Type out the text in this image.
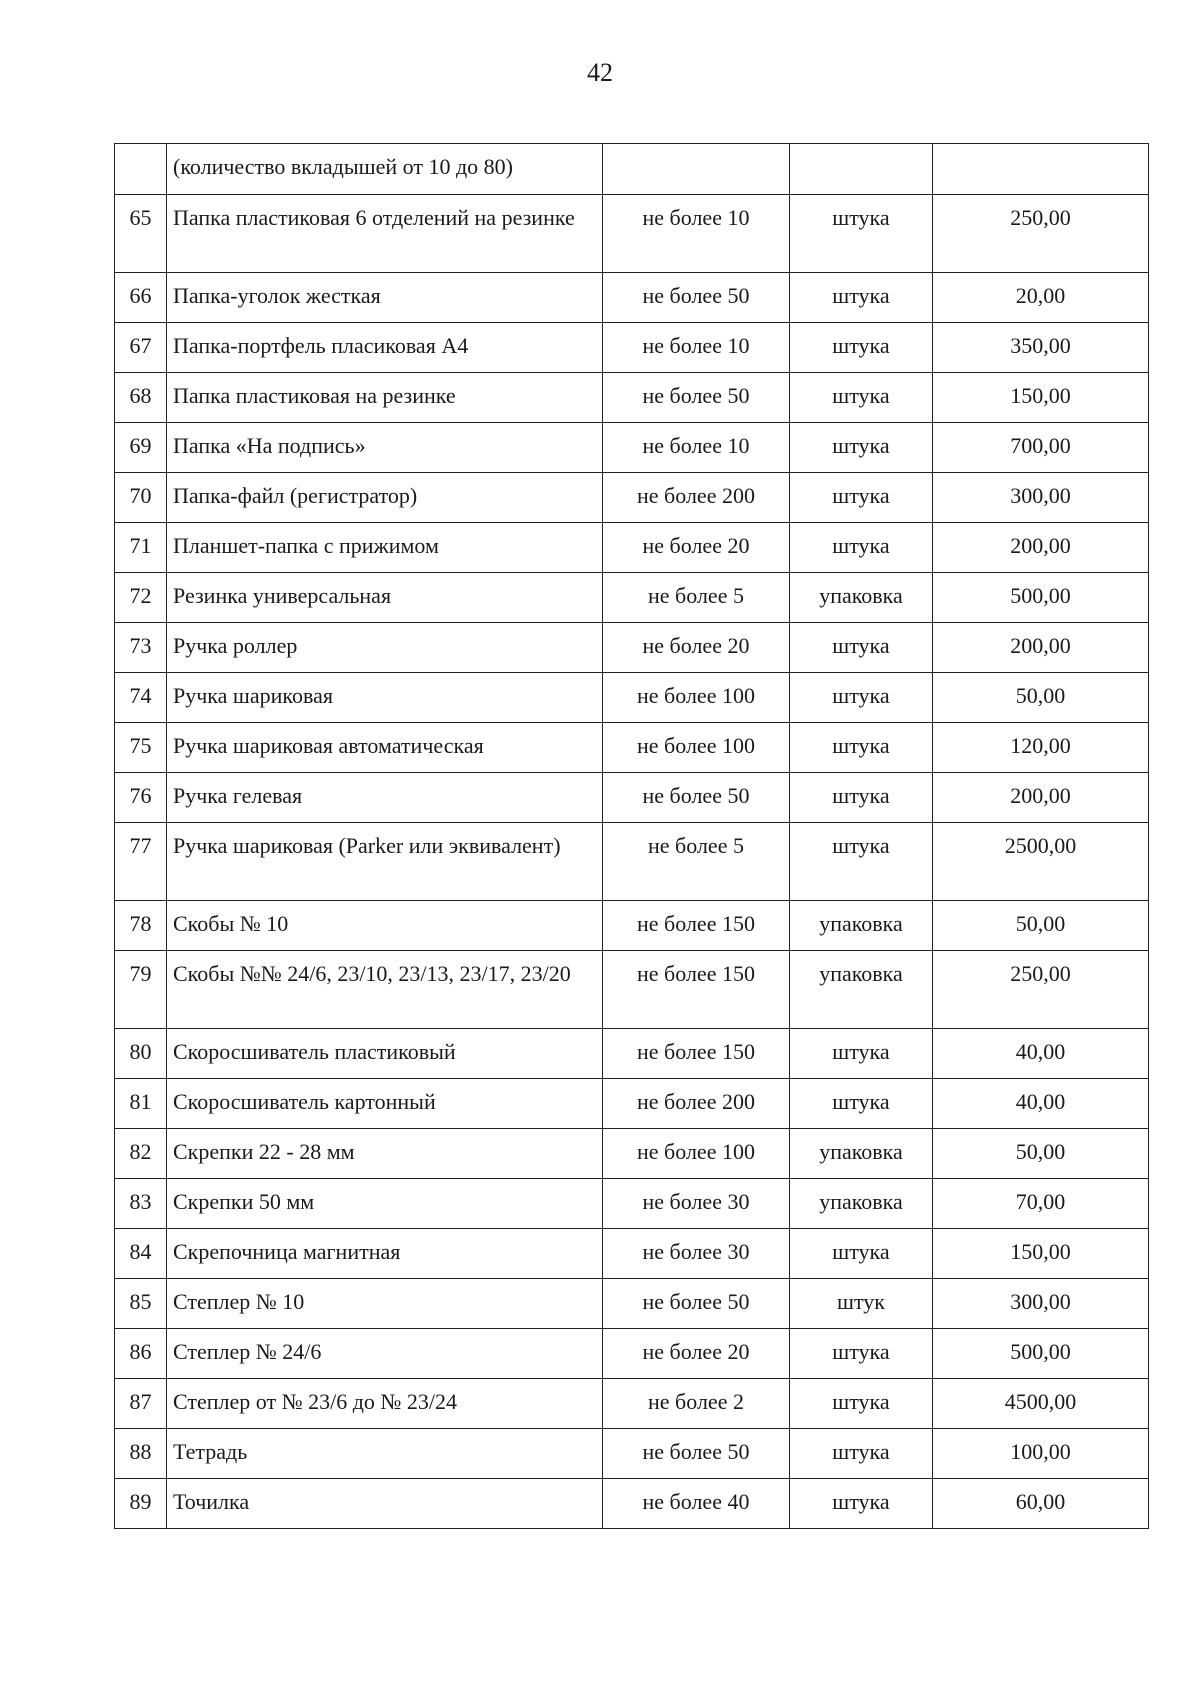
42
	(количество вкладышей от 10 до 80)			
65	Папка пластиковая 6 отделений на резинке	не более 10	штука	250,00
66	Папка-уголок жесткая	не более 50	штука	20,00
67	Папка-портфель пласиковая А4	не более 10	штука	350,00
68	Папка пластиковая на резинке	не более 50	штука	150,00
69	Папка «На подпись»	не более 10	штука	700,00
70	Папка-файл (регистратор)	не более 200	штука	300,00
71	Планшет-папка с прижимом	не более 20	штука	200,00
72	Резинка универсальная	не более 5	упаковка	500,00
73	Ручка роллер	не более 20	штука	200,00
74	Ручка шариковая	не более 100	штука	50,00
75	Ручка шариковая автоматическая	не более 100	штука	120,00
76	Ручка гелевая	не более 50	штука	200,00
77	Ручка шариковая (Parker или эквивалент)	не более 5	штука	2500,00
78	Скобы № 10	не более 150	упаковка	50,00
79	Скобы №№ 24/6, 23/10, 23/13, 23/17, 23/20	не более 150	упаковка	250,00
80	Скоросшиватель пластиковый	не более 150	штука	40,00
81	Скоросшиватель картонный	не более 200	штука	40,00
82	Скрепки 22 - 28 мм	не более 100	упаковка	50,00
83	Скрепки 50 мм	не более 30	упаковка	70,00
84	Скрепочница магнитная	не более 30	штука	150,00
85	Степлер № 10	не более 50	штук	300,00
86	Степлер № 24/6	не более 20	штука	500,00
87	Степлер от № 23/6 до № 23/24	не более 2	штука	4500,00
88	Тетрадь	не более 50	штука	100,00
89	Точилка	не более 40	штука	60,00
